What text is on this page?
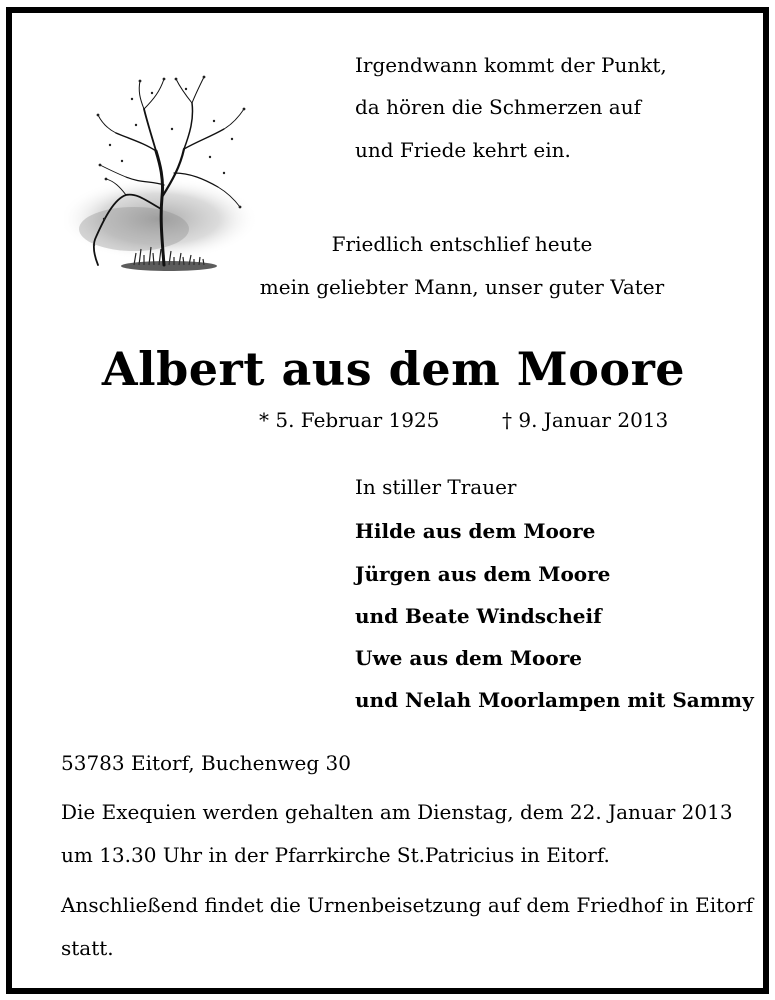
Irgendwann kommt der Punkt,
da hören die Schmerzen auf
und Friede kehrt ein.
Friedlich entschlief heute
mein geliebter Mann, unser guter Vater
Albert aus dem Moore
* 5. Februar 1925	† 9. Januar 2013
In stiller Trauer
Hilde aus dem Moore
Jürgen aus dem Moore
und Beate Windscheif
Uwe aus dem Moore
und Nelah Moorlampen mit Sammy
53783 Eitorf, Buchenweg 30
Die Exequien werden gehalten am Dienstag, dem 22. Januar 2013
um 13.30 Uhr in der Pfarrkirche St.Patricius in Eitorf.
Anschließend findet die Urnenbeisetzung auf dem Friedhof in Eitorf
statt.
